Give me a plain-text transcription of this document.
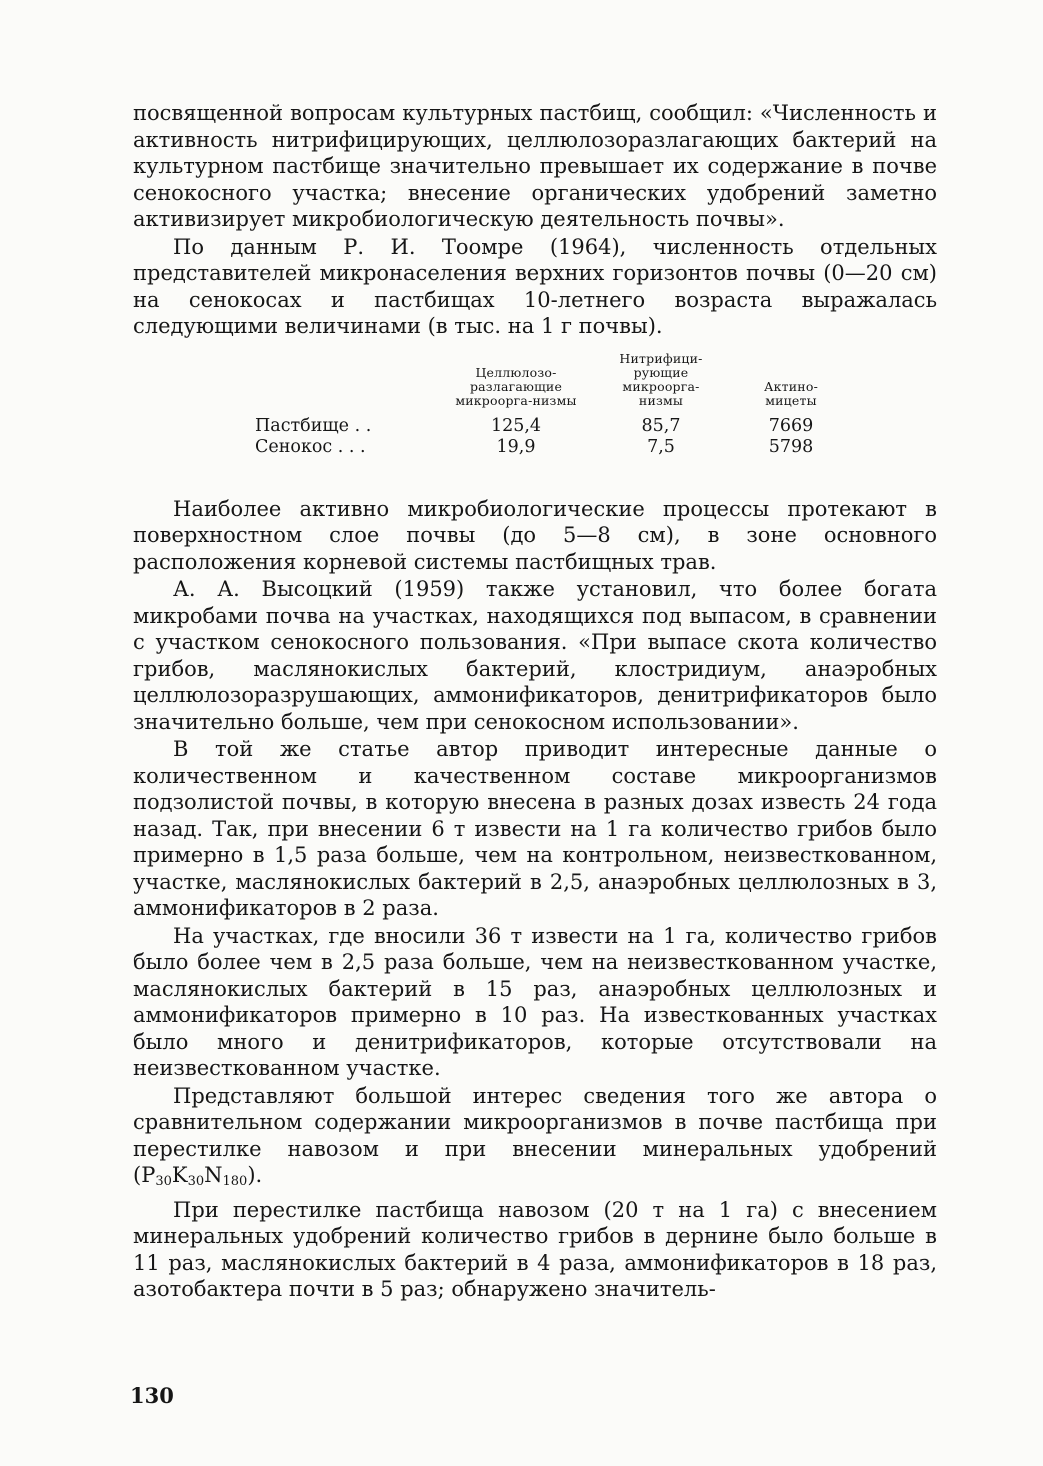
посвященной вопросам культурных пастбищ, сообщил: «Численность и активность нитрифицирующих, целлюлозоразлагающих бактерий на культурном пастбище значительно превышает их содержание в почве сенокосного участка; внесение органических удобрений заметно активизирует микробиологическую деятельность почвы».

По данным Р. И. Тоомре (1964), численность отдельных представителей микронаселения верхних горизонтов почвы (0—20 см) на сенокосах и пастбищах 10-летнего возраста выражалась следующими величинами (в тыс. на 1 г почвы).

	Целлюлозо-разлагающие микроорга-низмы	Нитрифици-рующие микроорга-низмы	Актино-мицеты
Пастбище . .	125,4	85,7	7669
Сенокос . . .	19,9	7,5	5798

Наиболее активно микробиологические процессы протекают в поверхностном слое почвы (до 5—8 см), в зоне основного расположения корневой системы пастбищных трав.

А. А. Высоцкий (1959) также установил, что более богата микробами почва на участках, находящихся под выпасом, в сравнении с участком сенокосного пользования. «При выпасе скота количество грибов, маслянокислых бактерий, клостридиум, анаэробных целлюлозоразрушающих, аммонификаторов, денитрификаторов было значительно больше, чем при сенокосном использовании».

В той же статье автор приводит интересные данные о количественном и качественном составе микроорганизмов подзолистой почвы, в которую внесена в разных дозах известь 24 года назад. Так, при внесении 6 т извести на 1 га количество грибов было примерно в 1,5 раза больше, чем на контрольном, неизвесткованном, участке, маслянокислых бактерий в 2,5, анаэробных целлюлозных в 3, аммонификаторов в 2 раза.

На участках, где вносили 36 т извести на 1 га, количество грибов было более чем в 2,5 раза больше, чем на неизвесткованном участке, маслянокислых бактерий в 15 раз, анаэробных целлюлозных и аммонификаторов примерно в 10 раз. На известкованных участках было много и денитрификаторов, которые отсутствовали на неизвесткованном участке.

Представляют большой интерес сведения того же автора о сравнительном содержании микроорганизмов в почве пастбища при перестилке навозом и при внесении минеральных удобрений $(P_{30}K_{30}N_{180})$.

При перестилке пастбища навозом (20 т на 1 га) с внесением минеральных удобрений количество грибов в дернине было больше в 11 раз, маслянокислых бактерий в 4 раза, аммонификаторов в 18 раз, азотобактера почти в 5 раз; обнаружено значитель-

130
